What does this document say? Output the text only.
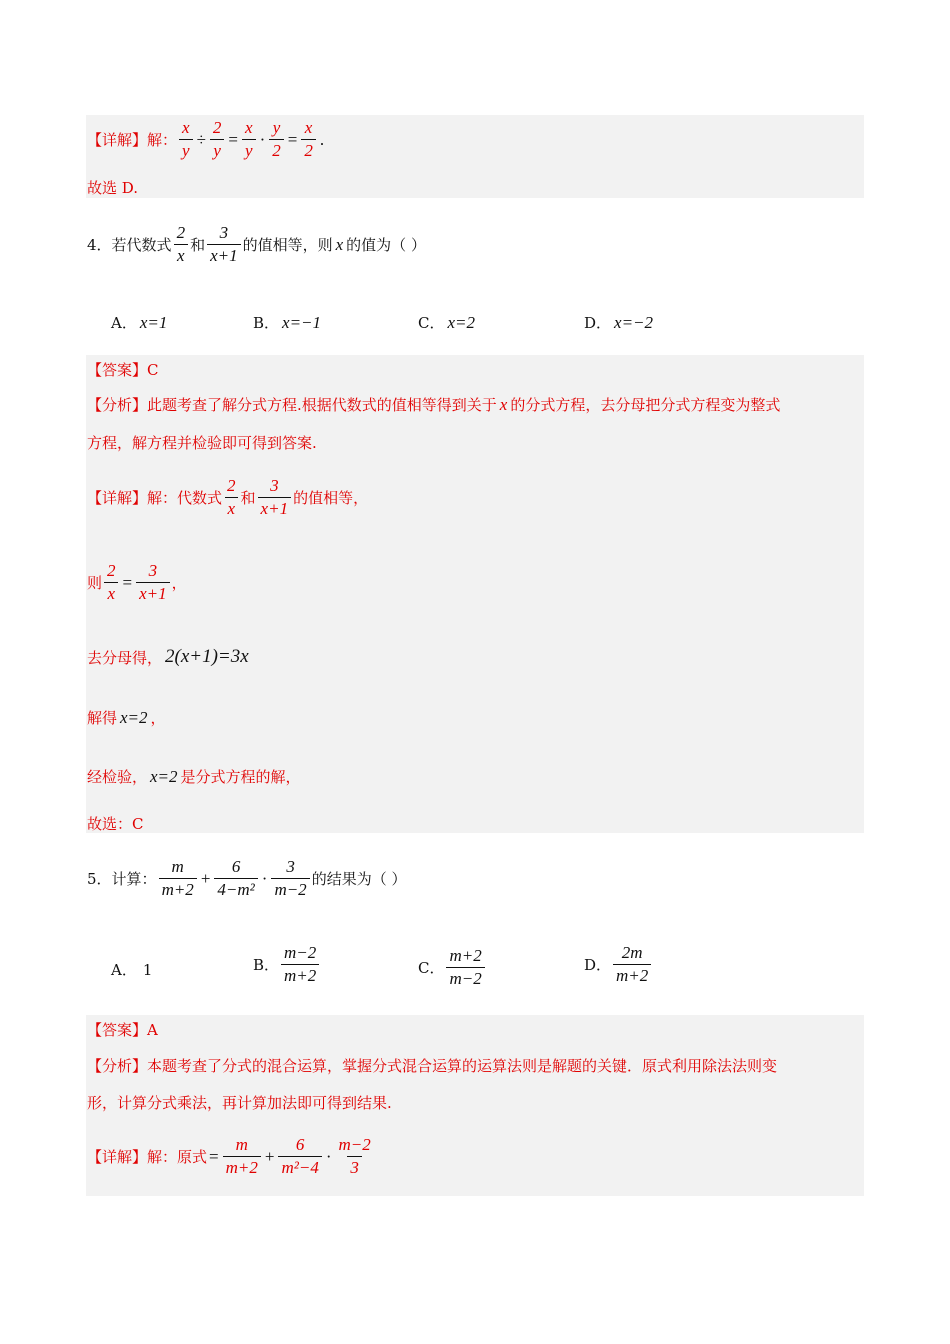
【详解】 解： $\frac{x}{y} \div \frac{2}{y} = \frac{x}{y} \cdot \frac{y}{2} = \frac{x}{2}$ .
故选 D.
4． 若代数式 $\frac{2}{x}$ 和 $\frac{3}{x+1}$ 的值相等，则 x 的值为（ ）
A． x=1	B． x=−1	C． x=2	D． x=−2
【答案】 C
【分析】 此题考查了解分式方程.根据代数式的值相等得到关于 x 的分式方程，去分母把分式方程变为整式
方程，解方程并检验即可得到答案.
【详解】 解：代数式 $\frac{2}{x}$ 和 $\frac{3}{x+1}$ 的值相等，
则 $\frac{2}{x} = \frac{3}{x+1}$ ，
去分母得， 2(x+1)=3x
解得 x=2 ，
经检验， x=2 是分式方程的解，
故选：C
5． 计算： $\frac{m}{m+2} + \frac{6}{\text{4−m²}} \cdot \frac{3}{m-2}$ 的结果为（ ）
A． 1	B． $\frac{m-2}{m+2}$	C． $\frac{m+2}{m-2}$	D． $\frac{2m}{m+2}$
【答案】 A
【分析】 本题考查了分式的混合运算，掌握分式混合运算的运算法则是解题的关键．原式利用除法法则变
形，计算分式乘法，再计算加法即可得到结果.
【详解】 解：原式 = $\frac{m}{m+2} + \frac{6}{\text{m²−4}} \cdot \frac{m-2}{3}$
